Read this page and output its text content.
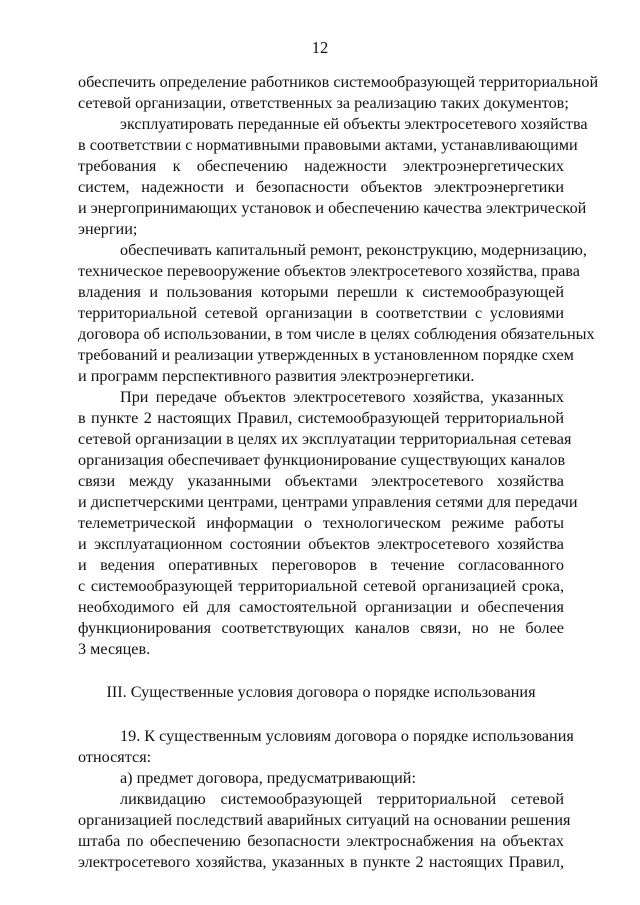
12
обеспечить определение работников системообразующей территориальной
сетевой организации, ответственных за реализацию таких документов;
эксплуатировать переданные ей объекты электросетевого хозяйства
в соответствии с нормативными правовыми актами, устанавливающими
требования к обеспечению надежности электроэнергетических
систем, надежности и безопасности объектов электроэнергетики
и энергопринимающих установок и обеспечению качества электрической
энергии;
обеспечивать капитальный ремонт, реконструкцию, модернизацию,
техническое перевооружение объектов электросетевого хозяйства, права
владения и пользования которыми перешли к системообразующей
территориальной сетевой организации в соответствии с условиями
договора об использовании, в том числе в целях соблюдения обязательных
требований и реализации утвержденных в установленном порядке схем
и программ перспективного развития электроэнергетики.
При передаче объектов электросетевого хозяйства, указанных
в пункте 2 настоящих Правил, системообразующей территориальной
сетевой организации в целях их эксплуатации территориальная сетевая
организация обеспечивает функционирование существующих каналов
связи между указанными объектами электросетевого хозяйства
и диспетчерскими центрами, центрами управления сетями для передачи
телеметрической информации о технологическом режиме работы
и эксплуатационном состоянии объектов электросетевого хозяйства
и ведения оперативных переговоров в течение согласованного
с системообразующей территориальной сетевой организацией срока,
необходимого ей для самостоятельной организации и обеспечения
функционирования соответствующих каналов связи, но не более
3 месяцев.
III. Существенные условия договора о порядке использования
19. К существенным условиям договора о порядке использования
относятся:
а) предмет договора, предусматривающий:
ликвидацию системообразующей территориальной сетевой
организацией последствий аварийных ситуаций на основании решения
штаба по обеспечению безопасности электроснабжения на объектах
электросетевого хозяйства, указанных в пункте 2 настоящих Правил,
